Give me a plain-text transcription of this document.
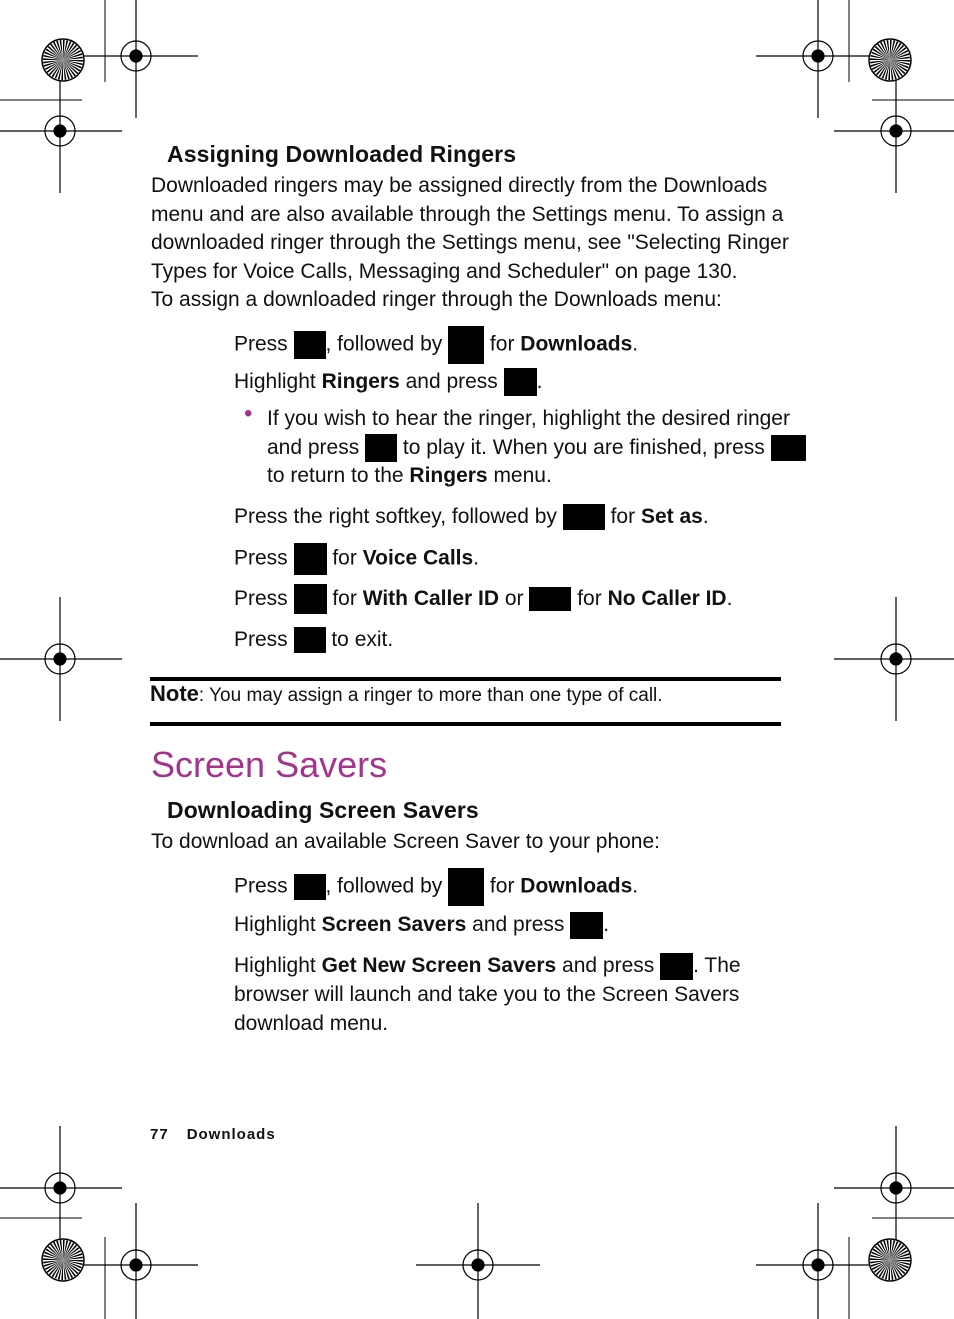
Assigning Downloaded Ringers
Downloaded ringers may be assigned directly from the Downloads
menu and are also available through the Settings menu. To assign a
downloaded ringer through the Settings menu, see "Selecting Ringer
Types for Voice Calls, Messaging and Scheduler" on page 130.
To assign a downloaded ringer through the Downloads menu:
Press , followed by  for Downloads.
Highlight Ringers and press .
• If you wish to hear the ringer, highlight the desired ringer
and press  to play it. When you are finished, press
to return to the Ringers menu.
Press the right softkey, followed by  for Set as.
Press  for Voice Calls.
Press  for With Caller ID or  for No Caller ID.
Press  to exit.
Note: You may assign a ringer to more than one type of call.
Screen Savers
Downloading Screen Savers
To download an available Screen Saver to your phone:
Press , followed by  for Downloads.
Highlight Screen Savers and press .
Highlight Get New Screen Savers and press . The
browser will launch and take you to the Screen Savers
download menu.
77 Downloads
